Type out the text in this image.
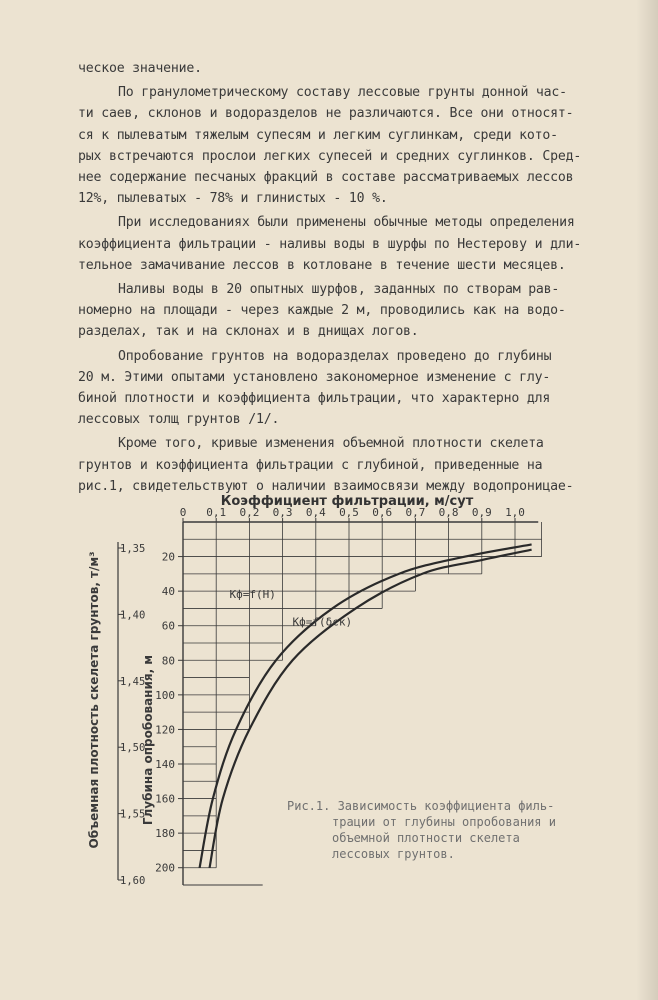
ческое значение.

По гранулометрическому составу лессовые грунты донной час-
ти саев, склонов и водоразделов не различаются. Все они относят-
ся к пылеватым тяжелым супесям и легким суглинкам, среди кото-
рых встречаются прослои легких супесей и средних суглинков. Сред-
нее содержание песчаных фракций в составе рассматриваемых лессов
12%, пылеватых - 78% и глинистых - 10 %.

При исследованиях были применены обычные методы определения
коэффициента фильтрации - наливы воды в шурфы по Нестерову и дли-
тельное замачивание лессов в котловане в течение шести месяцев.

Наливы воды в 20 опытных шурфов, заданных по створам рав-
номерно на площади - через каждые 2 м, проводились как на водо-
разделах, так и на склонах и в днищах логов.

Опробование грунтов на водоразделах проведено до глубины
20 м. Этими опытами установлено закономерное изменение с глу-
биной плотности и коэффициента фильтрации, что характерно для
лессовых толщ грунтов /1/.

Кроме того, кривые изменения объемной плотности скелета
грунтов и коэффициента фильтрации с глубиной, приведенные на
рис.1, свидетельствуют о наличии взаимосвязи между водопроницае-

Коэффициент фильтрации, м/сут
0 0,1 0,2 0,3 0,4 0,5 0,6 0,7 0,8 0,9 1,0
20
40
60
80
100
120
140
160
180
200
1,35
1,40
1,45
1,50
1,55
1,60
Глубина опробования, м
Объемная плотность скелета грунтов, т/м³	Кф=f(H)
Кф=f(δск)
Рис.1. Зависимость коэффициента филь-
трации от глубины опробования и
объемной плотности скелета
лессовых грунтов.
